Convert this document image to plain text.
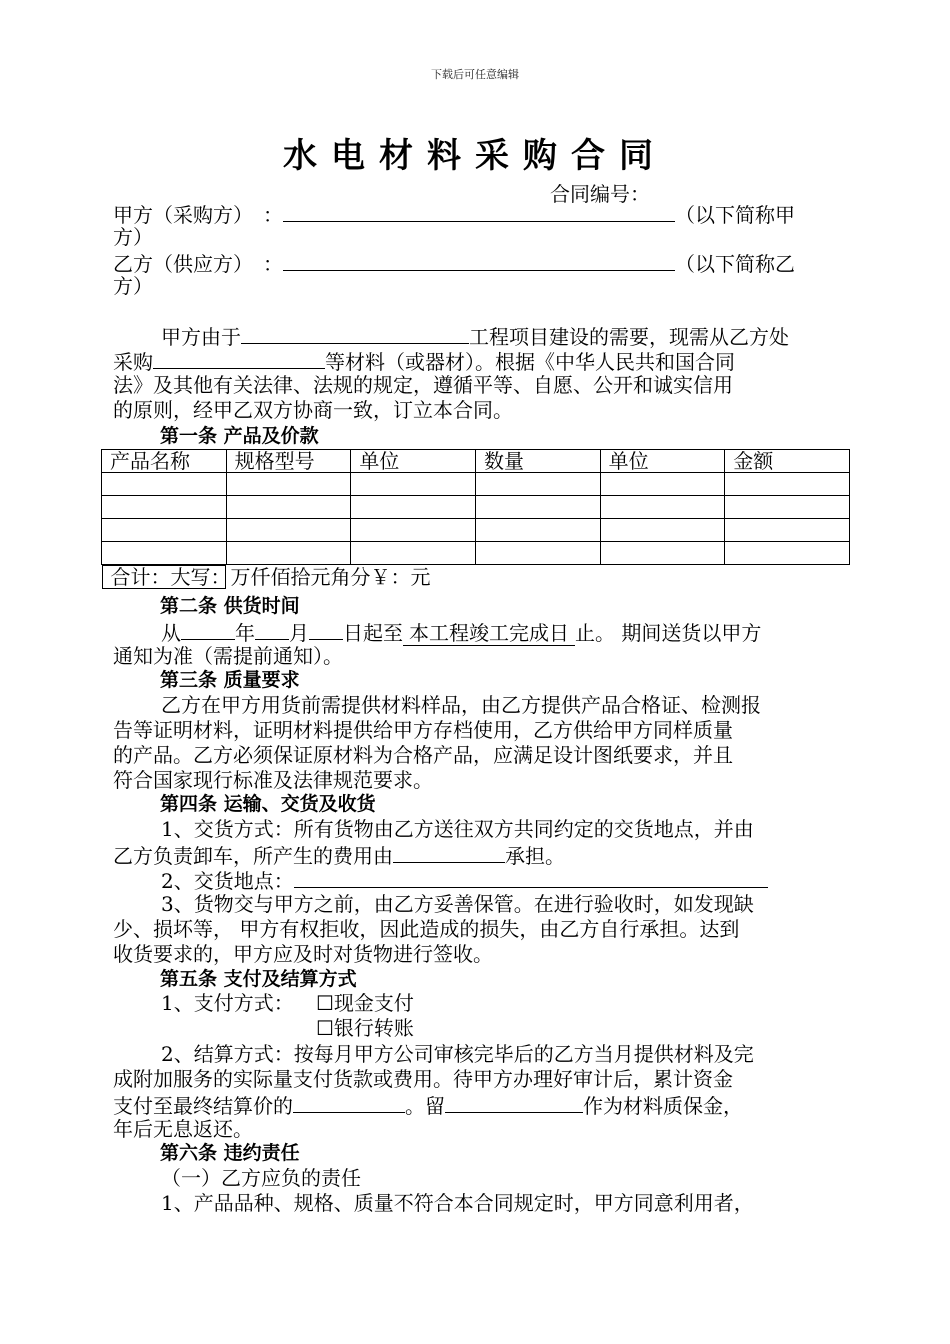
下载后可任意编辑
水电材料采购合同
合同编号：
甲方（采购方）　：	（以下简称甲
方）
乙方（供应方）　：	（以下简称乙
方）
甲方由于	工程项目建设的需要，现需从乙方处
采购	等材料（或器材）。根据《中华人民共和国合同
法》及其他有关法律、法规的规定，遵循平等、自愿、公开和诚实信用
的原则，经甲乙双方协商一致，订立本合同。
第一条 产品及价款
产品名称	规格型号	单位	数量	单位	金额

合计：大写： 万 仟 佰 拾 元 角 分 ￥： 元
第二条 供货时间
从	年 月 日起至 本工程竣工完成日 止。 期间送货以甲方
通知为准（需提前通知）。
第三条 质量要求
乙方在甲方用货前需提供材料样品，由乙方提供产品合格证、检测报
告等证明材料，证明材料提供给甲方存档使用，乙方供给甲方同样质量
的产品。乙方必须保证原材料为合格产品，应满足设计图纸要求，并且
符合国家现行标准及法律规范要求。
第四条 运输、交货及收货
1、交货方式：所有货物由乙方送往双方共同约定的交货地点，并由
乙方负责卸车，所产生的费用由	承担。
2、交货地点：
3、货物交与甲方之前，由乙方妥善保管。在进行验收时，如发现缺
少、损坏等， 甲方有权拒收，因此造成的损失，由乙方自行承担。达到
收货要求的，甲方应及时对货物进行签收。
第五条 支付及结算方式
1、支付方式： ☐现金支付
☐银行转账
2、结算方式：按每月甲方公司审核完毕后的乙方当月提供材料及完
成附加服务的实际量支付货款或费用。待甲方办理好审计后，累计资金
支付至最终结算价的	。留	作为材料质保金，
年后无息返还。
第六条 违约责任
（一）乙方应负的责任
1、产品品种、规格、质量不符合本合同规定时，甲方同意利用者，
